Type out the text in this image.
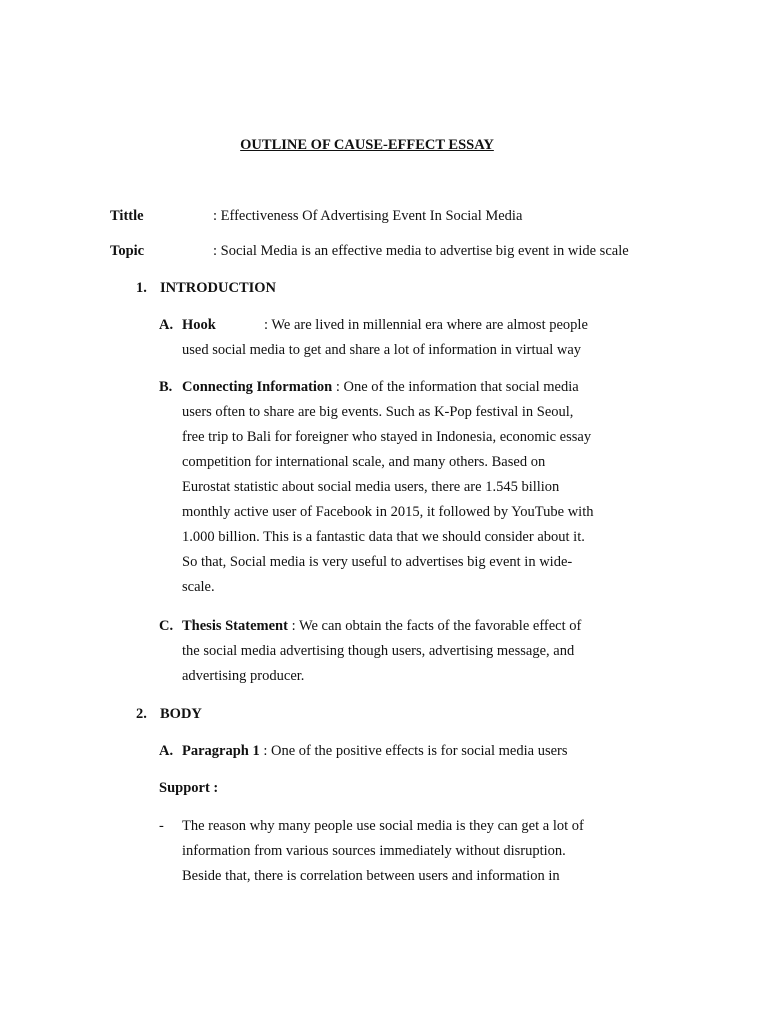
OUTLINE OF CAUSE-EFFECT ESSAY
Tittle	: Effectiveness Of Advertising Event In Social Media
Topic	: Social Media is an effective media to advertise big event in wide scale
1. INTRODUCTION
A. Hook	: We are lived in millennial era where are almost people
used social media to get and share a lot of information in virtual way
B. Connecting Information : One of the information that social media
users often to share are big events. Such as K-Pop festival in Seoul,
free trip to Bali for foreigner who stayed in Indonesia, economic essay
competition for international scale, and many others. Based on
Eurostat statistic about social media users, there are 1.545 billion
monthly active user of Facebook in 2015, it followed by YouTube with
1.000 billion. This is a fantastic data that we should consider about it.
So that, Social media is very useful to advertises big event in wide-
scale.
C. Thesis Statement : We can obtain the facts of the favorable effect of
the social media advertising though users, advertising message, and
advertising producer.
2. BODY
A. Paragraph 1 : One of the positive effects is for social media users
Support :
- The reason why many people use social media is they can get a lot of
information from various sources immediately without disruption.
Beside that, there is correlation between users and information in
